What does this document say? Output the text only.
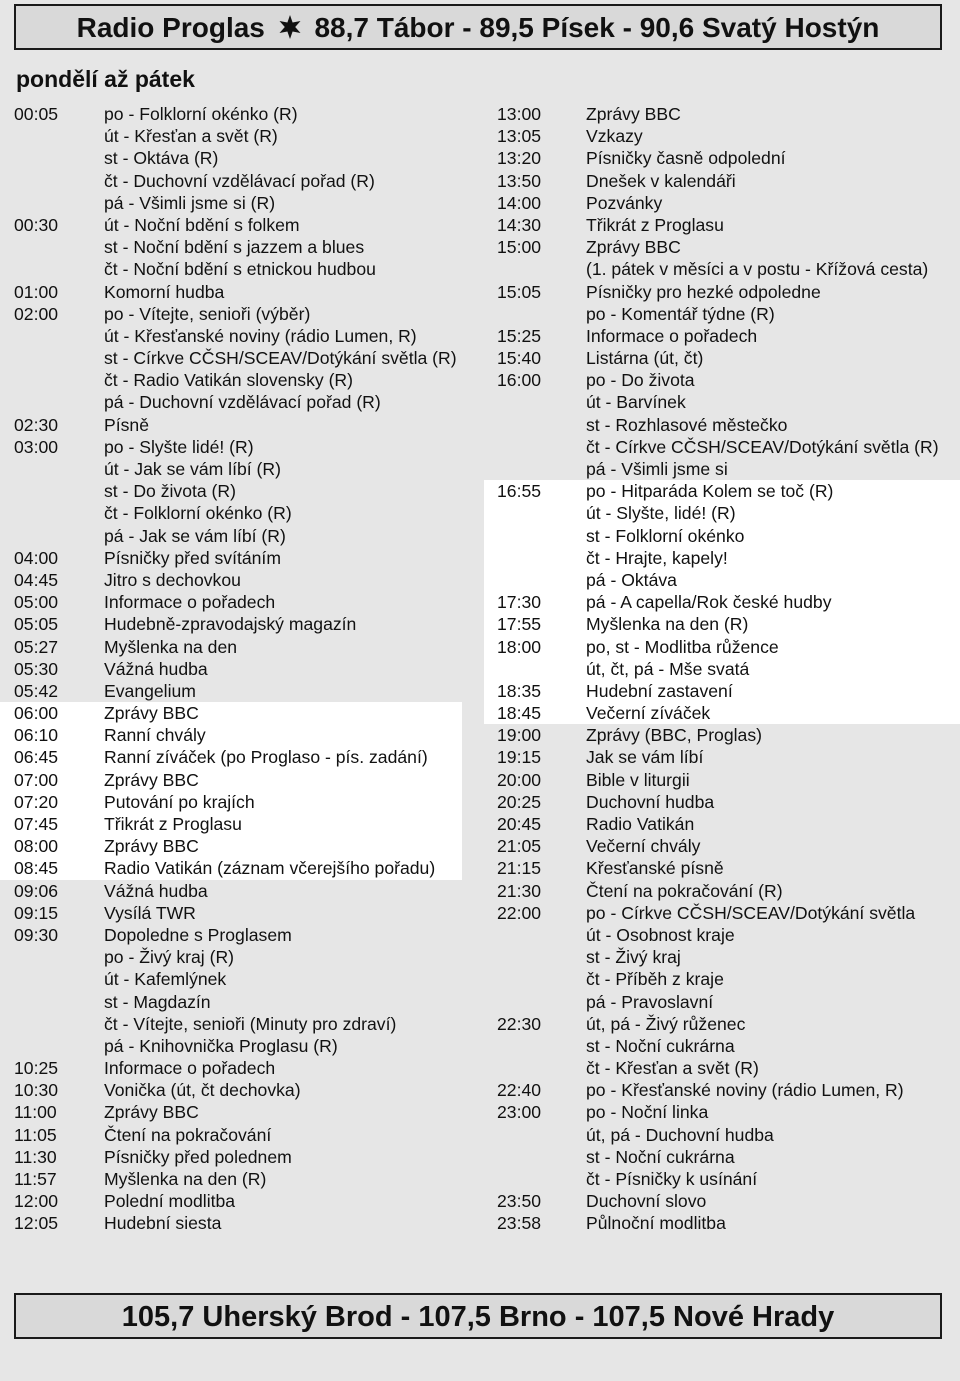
Radio Proglas 88,7 Tábor - 89,5 Písek - 90,6 Svatý Hostýn
pondělí až pátek
00:05	po - Folklorní okénko (R)
út - Křesťan a svět (R)
st - Oktáva (R)
čt - Duchovní vzdělávací pořad (R)
pá - Všimli jsme si (R)
00:30	út - Noční bdění s folkem
st - Noční bdění s jazzem a blues
čt - Noční bdění s etnickou hudbou
01:00	Komorní hudba
02:00	po - Vítejte, senioři (výběr)
út - Křesťanské noviny (rádio Lumen, R)
st - Církve CČSH/SCEAV/Dotýkání světla (R)
čt - Radio Vatikán slovensky (R)
pá - Duchovní vzdělávací pořad (R)
02:30	Písně
03:00	po - Slyšte lidé! (R)
út - Jak se vám líbí (R)
st - Do života (R)
čt - Folklorní okénko (R)
pá - Jak se vám líbí (R)
04:00	Písničky před svítáním
04:45	Jitro s dechovkou
05:00	Informace o pořadech
05:05	Hudebně-zpravodajský magazín
05:27	Myšlenka na den
05:30	Vážná hudba
05:42	Evangelium
06:00	Zprávy BBC
06:10	Ranní chvály
06:45	Ranní zíváček (po Proglaso - pís. zadání)
07:00	Zprávy BBC
07:20	Putování po krajích
07:45	Třikrát z Proglasu
08:00	Zprávy BBC
08:45	Radio Vatikán (záznam včerejšího pořadu)
09:06	Vážná hudba
09:15	Vysílá TWR
09:30	Dopoledne s Proglasem
po - Živý kraj (R)
út - Kafemlýnek
st - Magdazín
čt - Vítejte, senioři (Minuty pro zdraví)
pá - Knihovnička Proglasu (R)
10:25	Informace o pořadech
10:30	Vonička (út, čt dechovka)
11:00	Zprávy BBC
11:05	Čtení na pokračování
11:30	Písničky před polednem
11:57	Myšlenka na den (R)
12:00	Polední modlitba
12:05	Hudební siesta
13:00	Zprávy BBC
13:05	Vzkazy
13:20	Písničky časně odpolední
13:50	Dnešek v kalendáři
14:00	Pozvánky
14:30	Třikrát z Proglasu
15:00	Zprávy BBC
(1. pátek v měsíci a v postu - Křížová cesta)
15:05	Písničky pro hezké odpoledne
po - Komentář týdne (R)
15:25	Informace o pořadech
15:40	Listárna (út, čt)
16:00	po - Do života
út - Barvínek
st - Rozhlasové městečko
čt - Církve CČSH/SCEAV/Dotýkání světla (R)
pá - Všimli jsme si
16:55	po - Hitparáda Kolem se toč (R)
út - Slyšte, lidé! (R)
st - Folklorní okénko
čt - Hrajte, kapely!
pá - Oktáva
17:30	pá - A capella/Rok české hudby
17:55	Myšlenka na den (R)
18:00	po, st - Modlitba růžence
út, čt, pá - Mše svatá
18:35	Hudební zastavení
18:45	Večerní zíváček
19:00	Zprávy (BBC, Proglas)
19:15	Jak se vám líbí
20:00	Bible v liturgii
20:25	Duchovní hudba
20:45	Radio Vatikán
21:05	Večerní chvály
21:15	Křesťanské písně
21:30	Čtení na pokračování (R)
22:00	po - Církve CČSH/SCEAV/Dotýkání světla
út - Osobnost kraje
st - Živý kraj
čt - Příběh z kraje
pá - Pravoslavní
22:30	út, pá - Živý růženec
st - Noční cukrárna
čt - Křesťan a svět (R)
22:40	po - Křesťanské noviny (rádio Lumen, R)
23:00	po - Noční linka
út, pá - Duchovní hudba
st - Noční cukrárna
čt - Písničky k usínání
23:50	Duchovní slovo
23:58	Půlnoční modlitba
105,7 Uherský Brod - 107,5 Brno - 107,5 Nové Hrady
